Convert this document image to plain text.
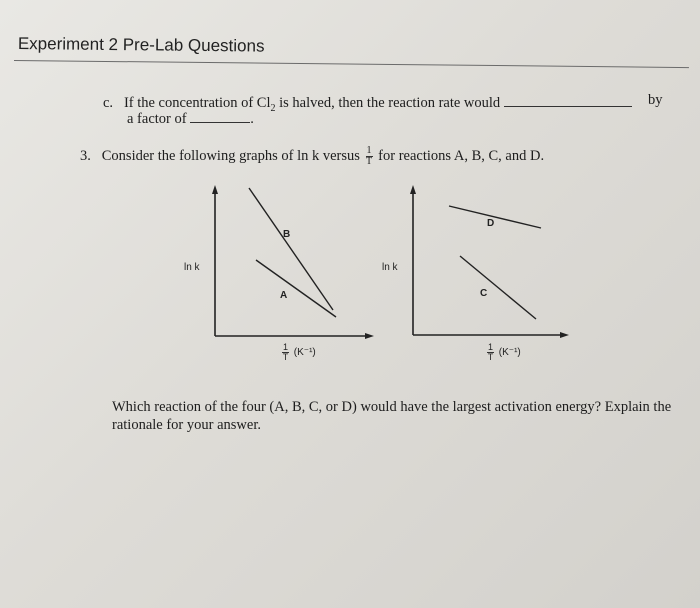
Experiment 2 Pre-Lab Questions
c. If the concentration of $Cl_2$ is halved, then the reaction rate would	by
a factor of	.
3. Consider the following graphs of ln k versus $\frac{1}{T}$ for reactions A, B, C, and D.
B
A
ln k
$\frac{1}{T} (K^{-1})$
D
C
ln k
$\frac{1}{T} (K^{-1})$
Which reaction of the four (A, B, C, or D) would have the largest activation energy? Explain the rationale for your answer.
